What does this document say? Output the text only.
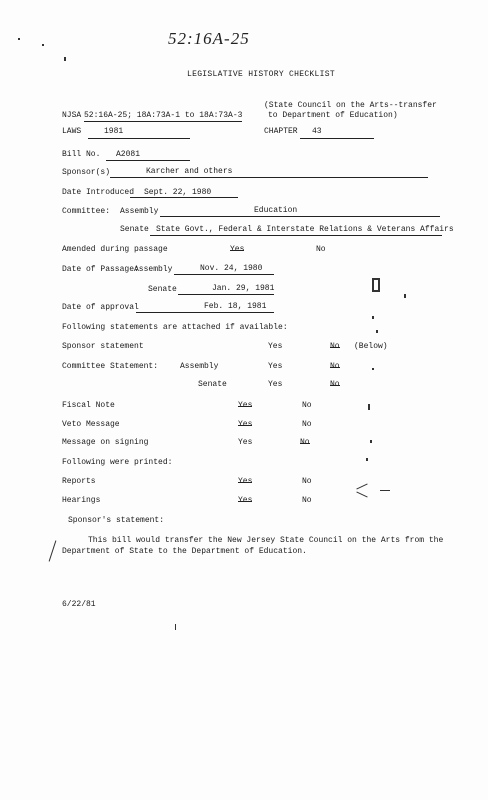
52:16A-25
LEGISLATIVE HISTORY CHECKLIST
NJSA 52:16A-25; 18A:73A-1 to 18A:73A-3
(State Council on the Arts--transfer
to Department of Education)
LAWS	1981	CHAPTER 43
Bill No. A2081
Sponsor(s)	Karcher and others
Date Introduced Sept. 22, 1980
Committee: Assembly	Education
Senate State Govt., Federal & Interstate Relations & Veterans Affairs
Amended during passage	Yes	No
Date of Passage:
Assembly	Nov. 24, 1980
Senate	Jan. 29, 1981
Date of approval	Feb. 18, 1981
Following statements are attached if available:
Sponsor statement	Yes	No (Below)
Committee Statement:	Assembly	Yes	No
Senate	Yes	No
Fiscal Note	Yes	No
Veto Message	Yes	No
Message on signing	Yes	No
Following were printed:
Reports	Yes	No
Hearings	Yes	No
Sponsor's statement:
This bill would transfer the New Jersey State Council on the Arts from the
Department of State to the Department of Education.
6/22/81
